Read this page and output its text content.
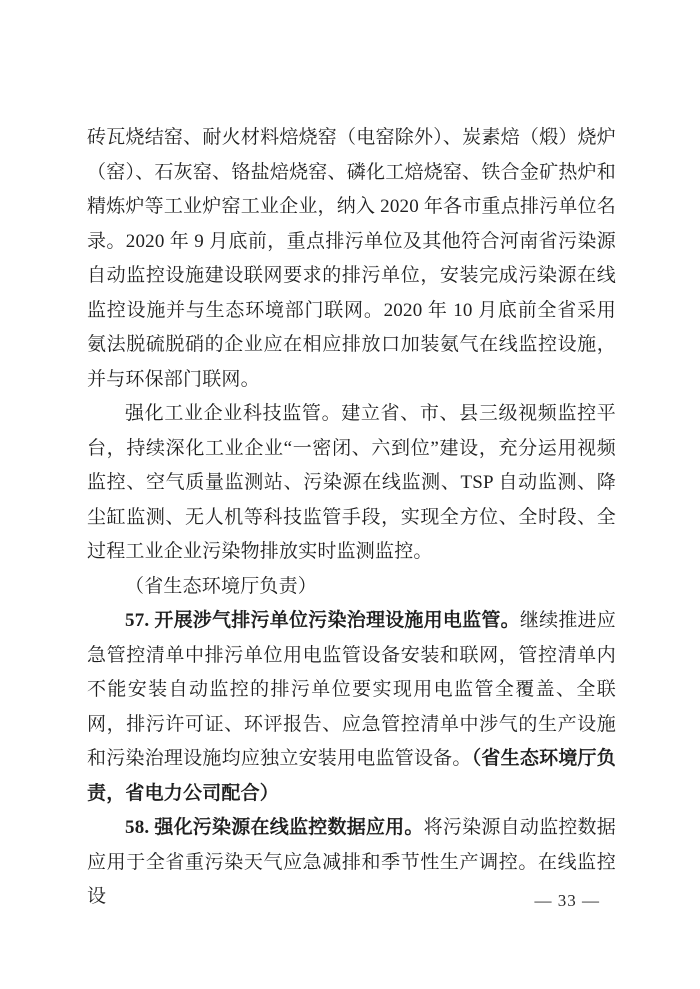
砖瓦烧结窑、耐火材料焙烧窑（电窑除外）、炭素焙（煅）烧炉（窑）、石灰窑、铬盐焙烧窑、磷化工焙烧窑、铁合金矿热炉和精炼炉等工业炉窑工业企业，纳入 2020 年各市重点排污单位名录。2020 年 9 月底前，重点排污单位及其他符合河南省污染源自动监控设施建设联网要求的排污单位，安装完成污染源在线监控设施并与生态环境部门联网。2020 年 10 月底前全省采用氨法脱硫脱硝的企业应在相应排放口加装氨气在线监控设施，并与环保部门联网。

强化工业企业科技监管。建立省、市、县三级视频监控平台，持续深化工业企业“一密闭、六到位”建设，充分运用视频监控、空气质量监测站、污染源在线监测、TSP 自动监测、降尘缸监测、无人机等科技监管手段，实现全方位、全时段、全过程工业企业污染物排放实时监测监控。

（省生态环境厅负责）

57. 开展涉气排污单位污染治理设施用电监管。继续推进应急管控清单中排污单位用电监管设备安装和联网，管控清单内不能安装自动监控的排污单位要实现用电监管全覆盖、全联网，排污许可证、环评报告、应急管控清单中涉气的生产设施和污染治理设施均应独立安装用电监管设备。（省生态环境厅负责，省电力公司配合）

58. 强化污染源在线监控数据应用。将污染源自动监控数据应用于全省重污染天气应急减排和季节性生产调控。在线监控设	— 33 —
